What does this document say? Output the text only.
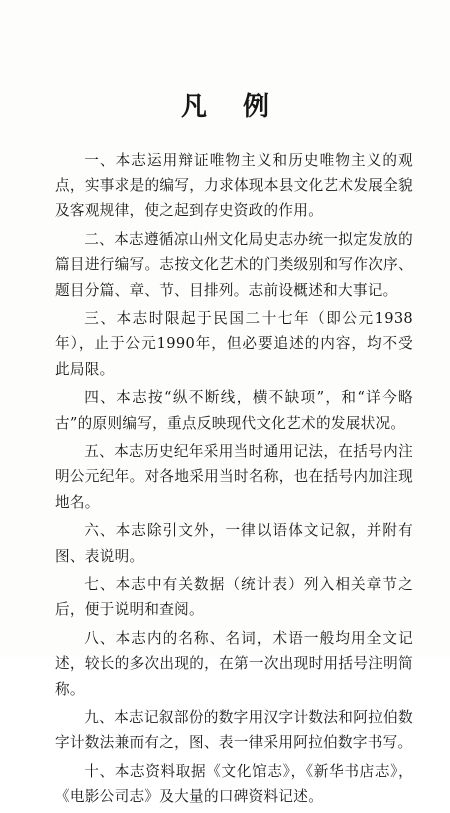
凡例

一、本志运用辩证唯物主义和历史唯物主义的观点，实事求是的编写，力求体现本县文化艺术发展全貌及客观规律，使之起到存史资政的作用。

二、本志遵循凉山州文化局史志办统一拟定发放的篇目进行编写。志按文化艺术的门类级别和写作次序、题目分篇、章、节、目排列。志前设概述和大事记。

三、本志时限起于民国二十七年（即公元1938年），止于公元1990年，但必要追述的内容，均不受此局限。

四、本志按“纵不断线，横不缺项”，和“详今略古”的原则编写，重点反映现代文化艺术的发展状况。

五、本志历史纪年采用当时通用记法，在括号内注明公元纪年。对各地采用当时名称，也在括号内加注现地名。

六、本志除引文外，一律以语体文记叙，并附有图、表说明。

七、本志中有关数据（统计表）列入相关章节之后，便于说明和查阅。

八、本志内的名称、名词，术语一般均用全文记述，较长的多次出现的，在第一次出现时用括号注明简称。

九、本志记叙部份的数字用汉字计数法和阿拉伯数字计数法兼而有之，图、表一律采用阿拉伯数字书写。

十、本志资料取据《文化馆志》，《新华书店志》，《电影公司志》及大量的口碑资料记述。
